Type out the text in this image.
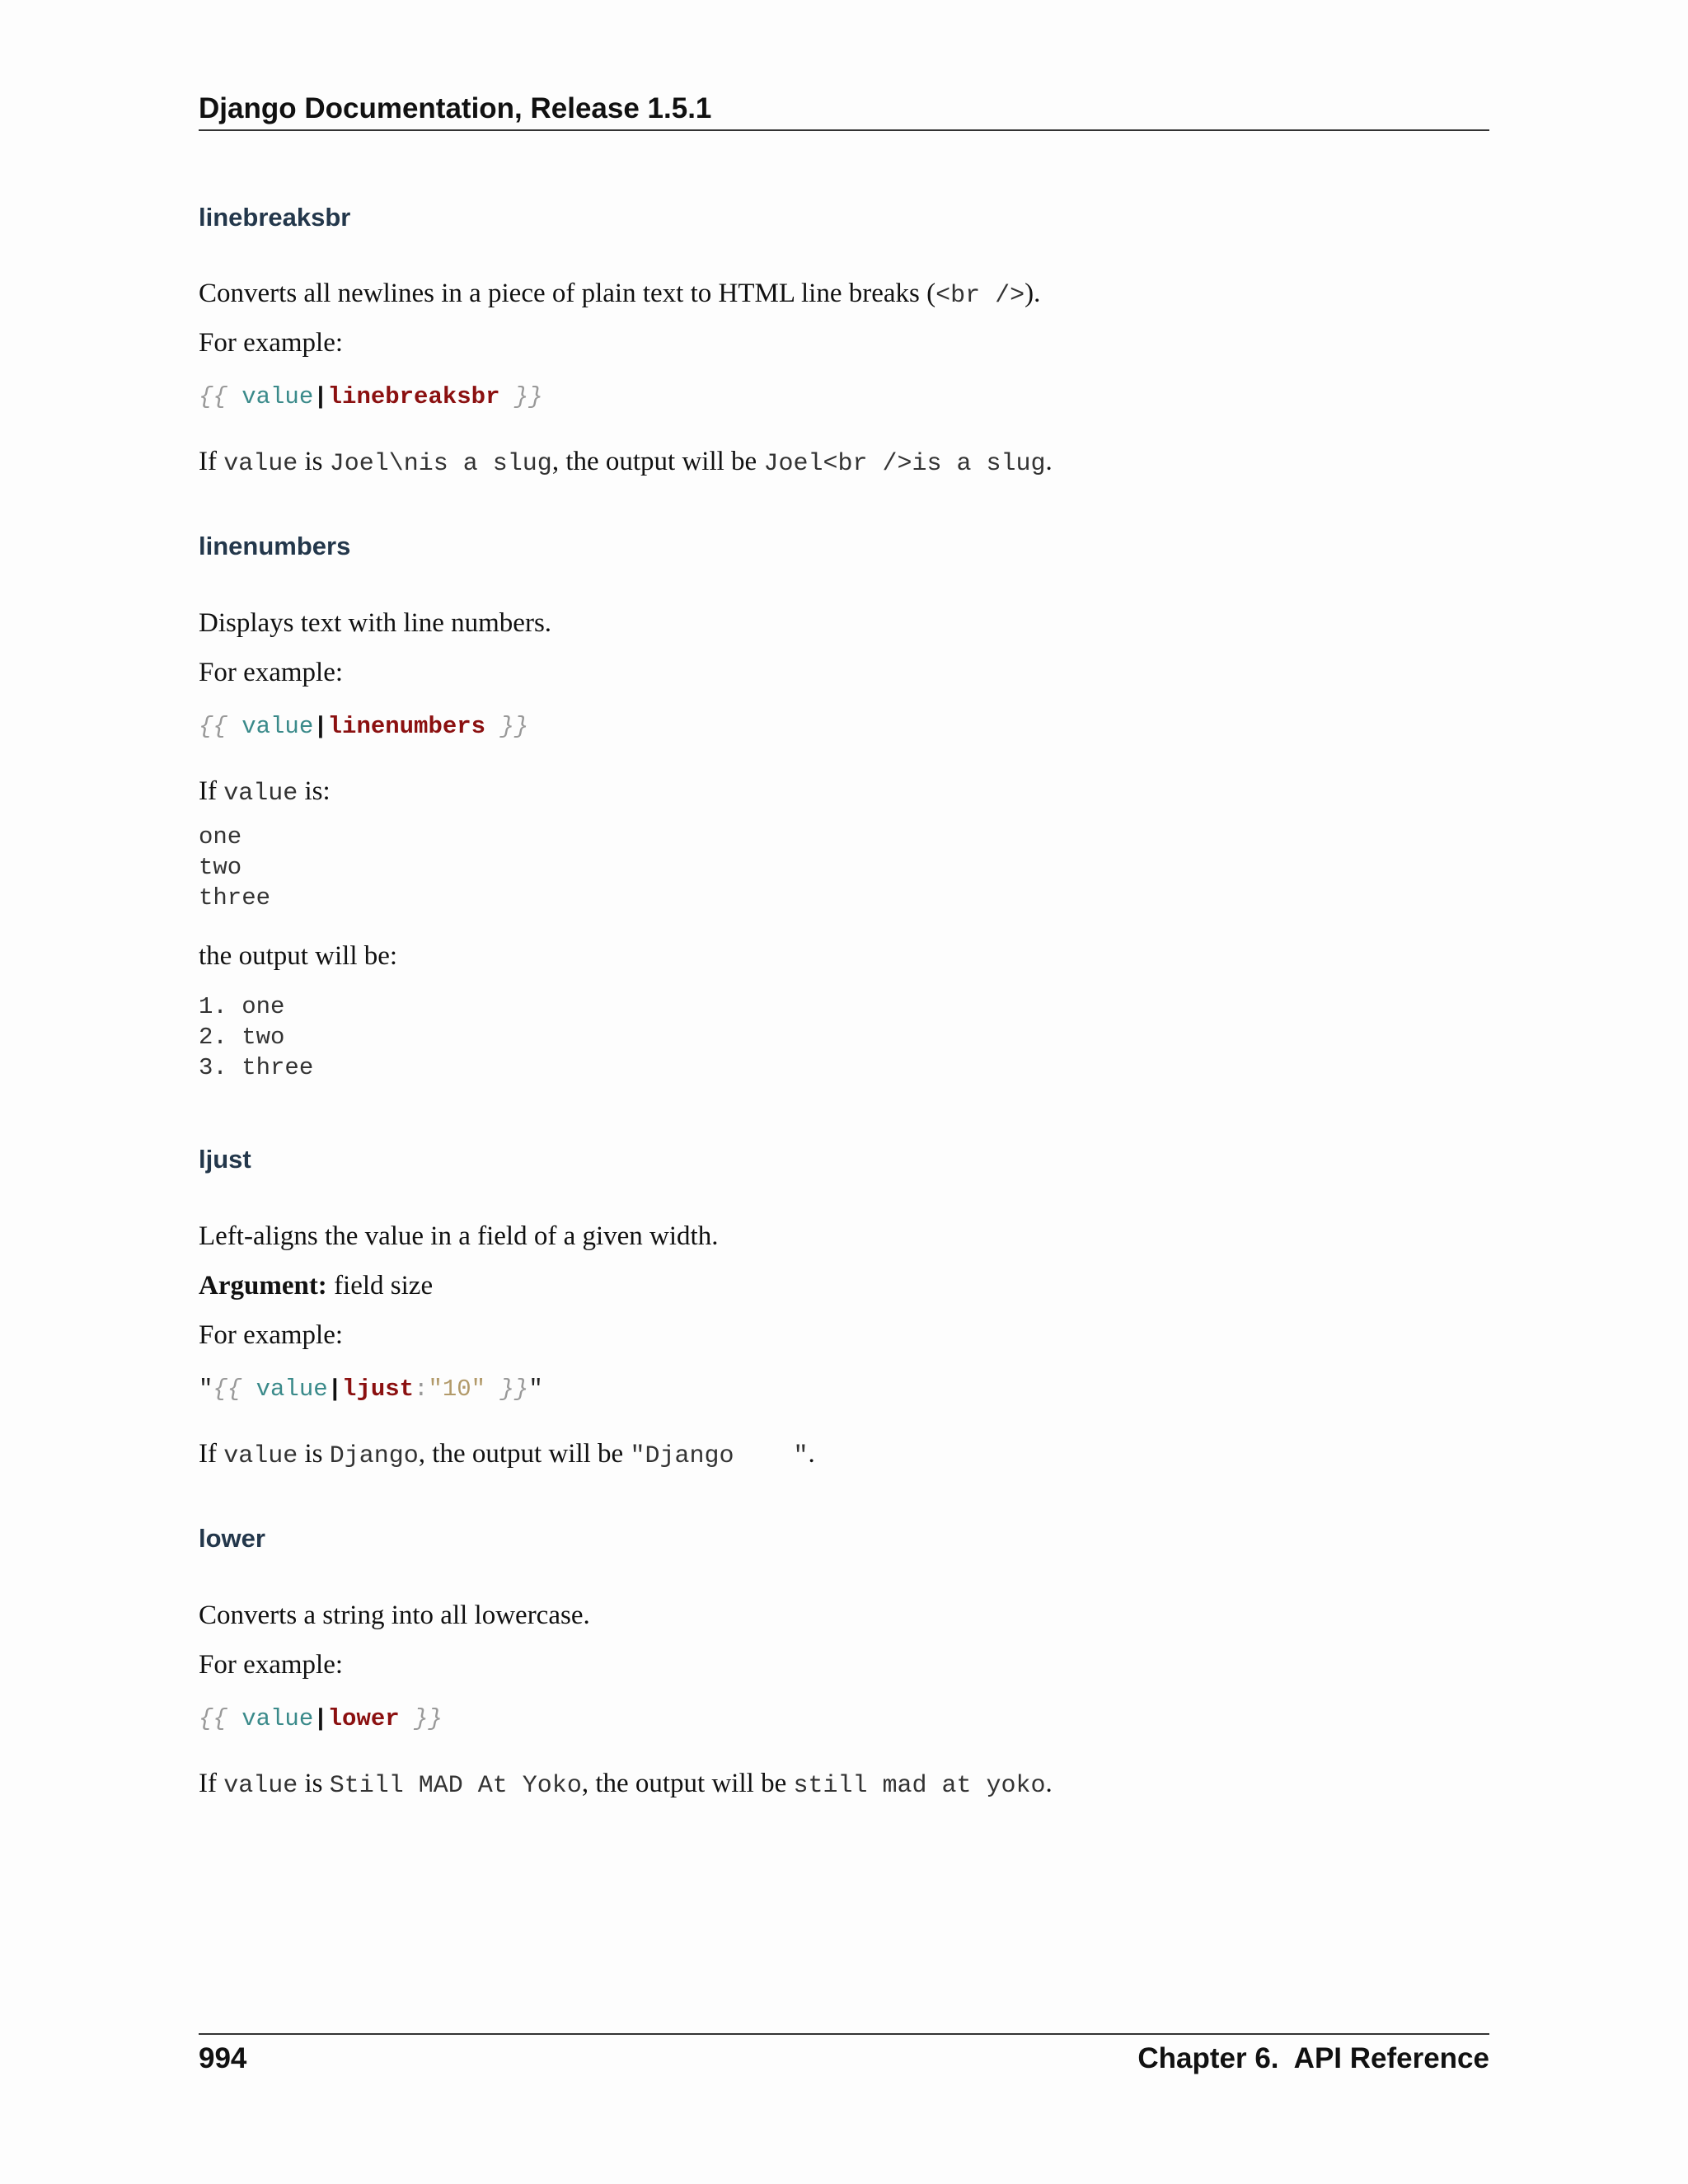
Django Documentation, Release 1.5.1
linebreaksbr
Converts all newlines in a piece of plain text to HTML line breaks (<br />).
For example:
{{ value|linebreaksbr }}
If value is Joel\nis a slug, the output will be Joel<br />is a slug.
linenumbers
Displays text with line numbers.
For example:
{{ value|linenumbers }}
If value is:
one
two
three
the output will be:
1. one
2. two
3. three
ljust
Left-aligns the value in a field of a given width.
Argument: field size
For example:
"{{ value|ljust:"10" }}"
If value is Django, the output will be "Django    ".
lower
Converts a string into all lowercase.
For example:
{{ value|lower }}
If value is Still MAD At Yoko, the output will be still mad at yoko.
994	Chapter 6.  API Reference
